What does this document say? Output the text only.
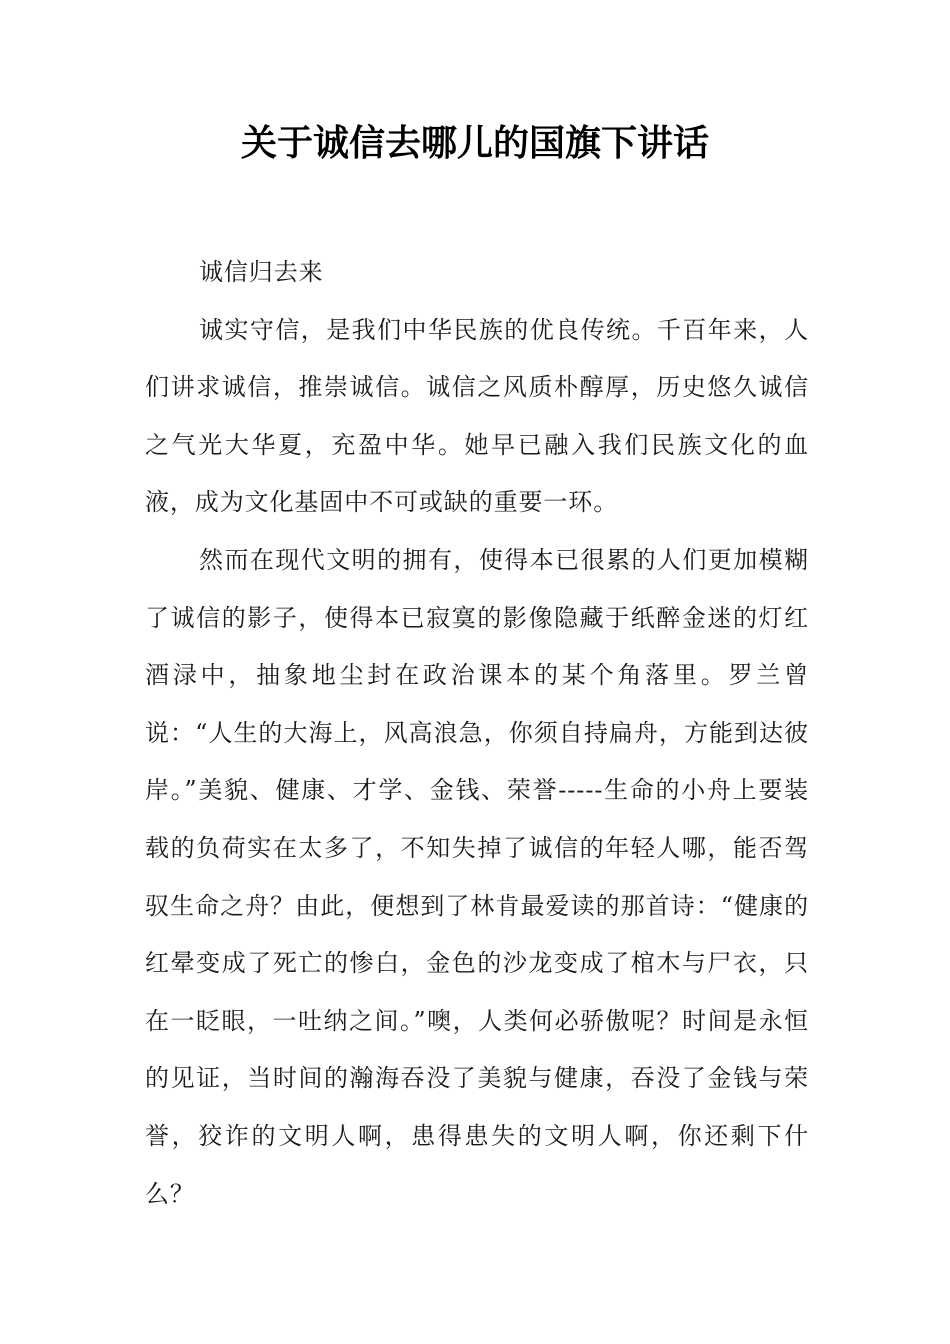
关于诚信去哪儿的国旗下讲话

诚信归去来

诚实守信，是我们中华民族的优良传统。千百年来，人们讲求诚信，推崇诚信。诚信之风质朴醇厚，历史悠久诚信之气光大华夏，充盈中华。她早已融入我们民族文化的血液，成为文化基固中不可或缺的重要一环。

然而在现代文明的拥有，使得本已很累的人们更加模糊了诚信的影子，使得本已寂寞的影像隐藏于纸醉金迷的灯红酒渌中，抽象地尘封在政治课本的某个角落里。罗兰曾说：“人生的大海上，风高浪急，你须自持扁舟，方能到达彼岸。”美貌、健康、才学、金钱、荣誉-----生命的小舟上要装载的负荷实在太多了，不知失掉了诚信的年轻人哪，能否驾驭生命之舟？由此，便想到了林肯最爱读的那首诗：“健康的红晕变成了死亡的惨白，金色的沙龙变成了棺木与尸衣，只在一眨眼，一吐纳之间。”噢，人类何必骄傲呢？时间是永恒的见证，当时间的瀚海吞没了美貌与健康，吞没了金钱与荣誉，狡诈的文明人啊，患得患失的文明人啊，你还剩下什么？
